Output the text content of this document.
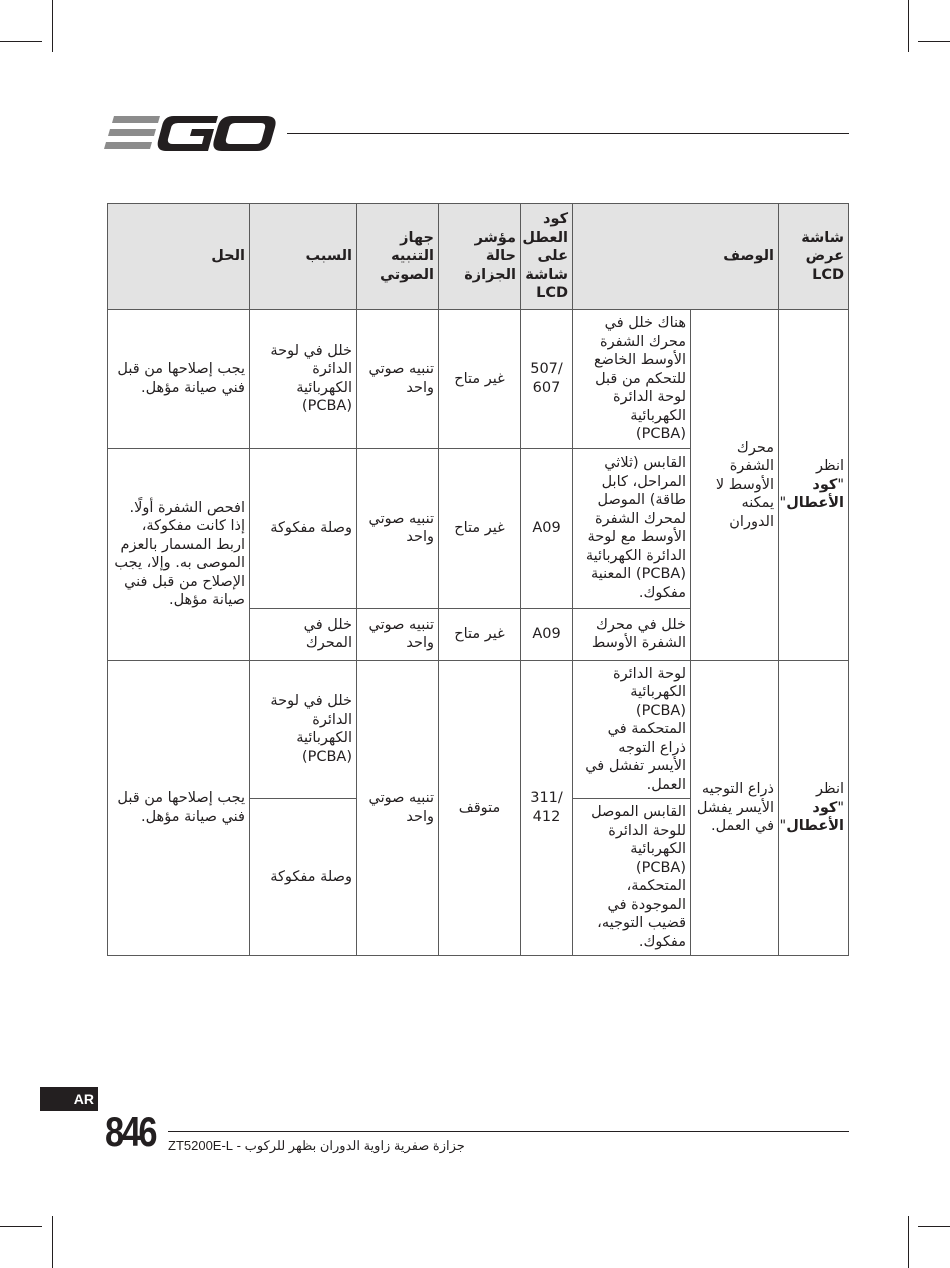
شاشة عرض LCD	الوصف		كود العطل على شاشة LCD	مؤشر حالة الجزازة	جهاز التنبيه الصوتي	السبب	الحل
انظر "كود الأعطال"	محرك الشفرة الأوسط لا يمكنه الدوران	هناك خلل في محرك الشفرة الأوسط الخاضع للتحكم من قبل لوحة الدائرة الكهربائية (PCBA)	507/ 607	غير متاح	تنبيه صوتي واحد	خلل في لوحة الدائرة الكهربائية (PCBA)	يجب إصلاحها من قبل فني صيانة مؤهل.
		القابس (ثلاثي المراحل، كابل طاقة) الموصل لمحرك الشفرة الأوسط مع لوحة الدائرة الكهربائية (PCBA) المعنية مفكوك.	A09	غير متاح	تنبيه صوتي واحد	وصلة مفكوكة	افحص الشفرة أولًا. إذا كانت مفكوكة، اربط المسمار بالعزم الموصى به. وإلا، يجب الإصلاح من قبل فني صيانة مؤهل.
		خلل في محرك الشفرة الأوسط	A09	غير متاح	تنبيه صوتي واحد	خلل في المحرك	
انظر "كود الأعطال"	ذراع التوجيه الأيسر يفشل في العمل.	لوحة الدائرة الكهربائية (PCBA) المتحكمة في ذراع التوجه الأيسر تفشل في العمل.	311/ 412	متوقف	تنبيه صوتي واحد	خلل في لوحة الدائرة الكهربائية (PCBA)	يجب إصلاحها من قبل فني صيانة مؤهل.
		القابس الموصل للوحة الدائرة الكهربائية (PCBA) المتحكمة، الموجودة في قضيب التوجيه، مفكوك.				وصلة مفكوكة	
AR
846 جزازة صفرية زاوية الدوران بظهر للركوب - ZT5200E-L
